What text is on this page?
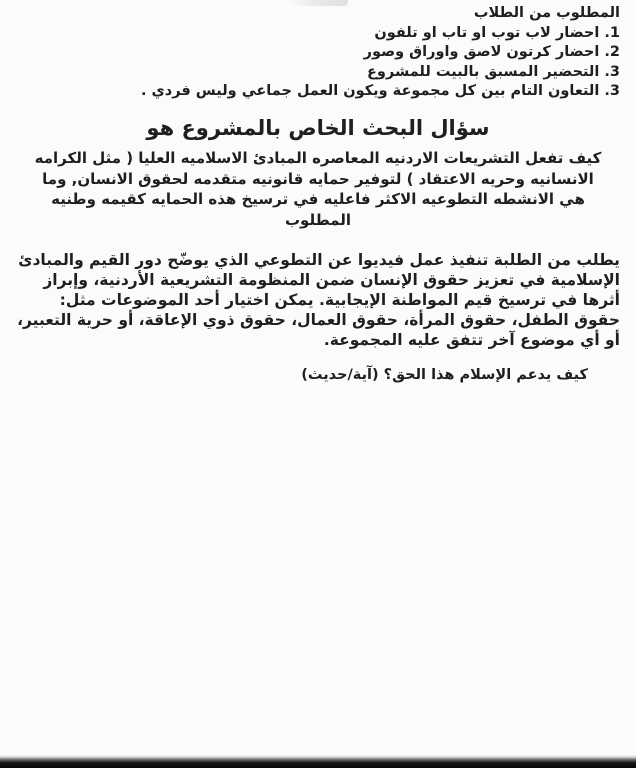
المطلوب من الطلاب
1. احضار لاب توب او تاب او تلفون
2. احضار كرتون لاصق واوراق وصور
3. التحضير المسبق بالبيت للمشروع
3. التعاون التام بين كل مجموعة ويكون العمل جماعي وليس فردي .
سؤال البحث الخاص بالمشروع هو
كيف تفعل التشريعات الاردنيه المعاصره المبادئ الاسلاميه العليا ( مثل الكرامه
الانسانيه وحريه الاعتقاد ) لتوفير حمايه قانونيه متقدمه لحقوق الانسان, وما
هي الانشطه التطوعيه الاكثر فاعليه في ترسيخ هذه الحمايه كقيمه وطنيه
المطلوب
يطلب من الطلبة تنفيذ عمل فيديوا عن التطوعي الذي يوضّح دور القيم والمبادئ
الإسلامية في تعزيز حقوق الإنسان ضمن المنظومة التشريعية الأردنية، وإبراز
أثرها في ترسيخ قيم المواطنة الإيجابية. يمكن اختيار أحد الموضوعات مثل:
حقوق الطفل، حقوق المرأة، حقوق العمال، حقوق ذوي الإعاقة، أو حرية التعبير،
أو أي موضوع آخر تتفق عليه المجموعة.
كيف يدعم الإسلام هذا الحق؟ (آية/حديث)
